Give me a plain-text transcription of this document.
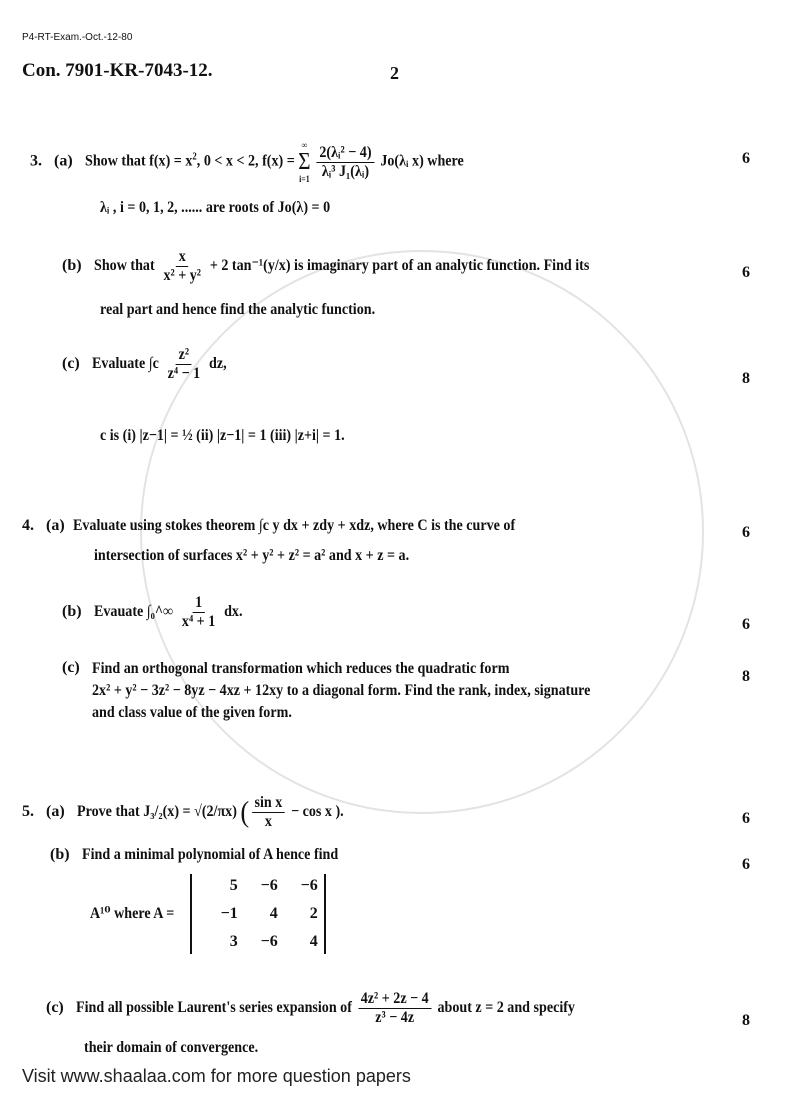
P4-RT-Exam.-Oct.-12-80
Con. 7901-KR-7043-12.	2
3. (a) Show that $f(x) = x^2$, 0 < x < 2, f(x) =
∞
Σ
i=1
$\frac{\text{2(λᵢ² − 4)}}{\text{λᵢ³ J₁(λᵢ)}}$ Jo(λᵢ x) where	6
λᵢ , i = 0, 1, 2, ...... are roots of Jo(λ) = 0
(b) Show that $\frac{x}{\text{x² + y²}} + 2$ tan⁻¹(y/x) is imaginary part of an analytic function. Find its	6
real part and hence find the analytic function.
(c) Evaluate $\int c \frac{\text{z²}}{\text{z⁴ − 1}}$ dz,
8
c is (i) |z−1| = ½ (ii) |z−1| = 1 (iii) |z+i| = 1.
4. (a) Evaluate using stokes theorem ∫c y dx + zdy + xdz, where C is the curve of	6
intersection of surfaces x² + y² + z² = a² and x + z = a.
(b) Evauate ∫₀^∞ $\frac{1}{\text{x⁴ + 1}}$ dx.
6
(c) Find an orthogonal transformation which reduces the quadratic form
2x² + y² − 3z² − 8yz − 4xz + 12xy to a diagonal form. Find the rank, index, signature
and class value of the given form.
8
5. (a) Prove that J₃/₂(x) = √(2/πx) ( $\frac{\text{sin x}}{x} - \cos x$ ).	6
(b) Find a minimal polynomial of A hence find
6
A¹⁰ where A =
5	−6	−6
−1	4	2
3	−6	4
(c) Find all possible Laurent's series expansion of $\frac{\text{4z² + 2z − 4}}{\text{z³ − 4z}}$ about z = 2 and specify
8
their domain of convergence.
Visit www.shaalaa.com for more question papers
